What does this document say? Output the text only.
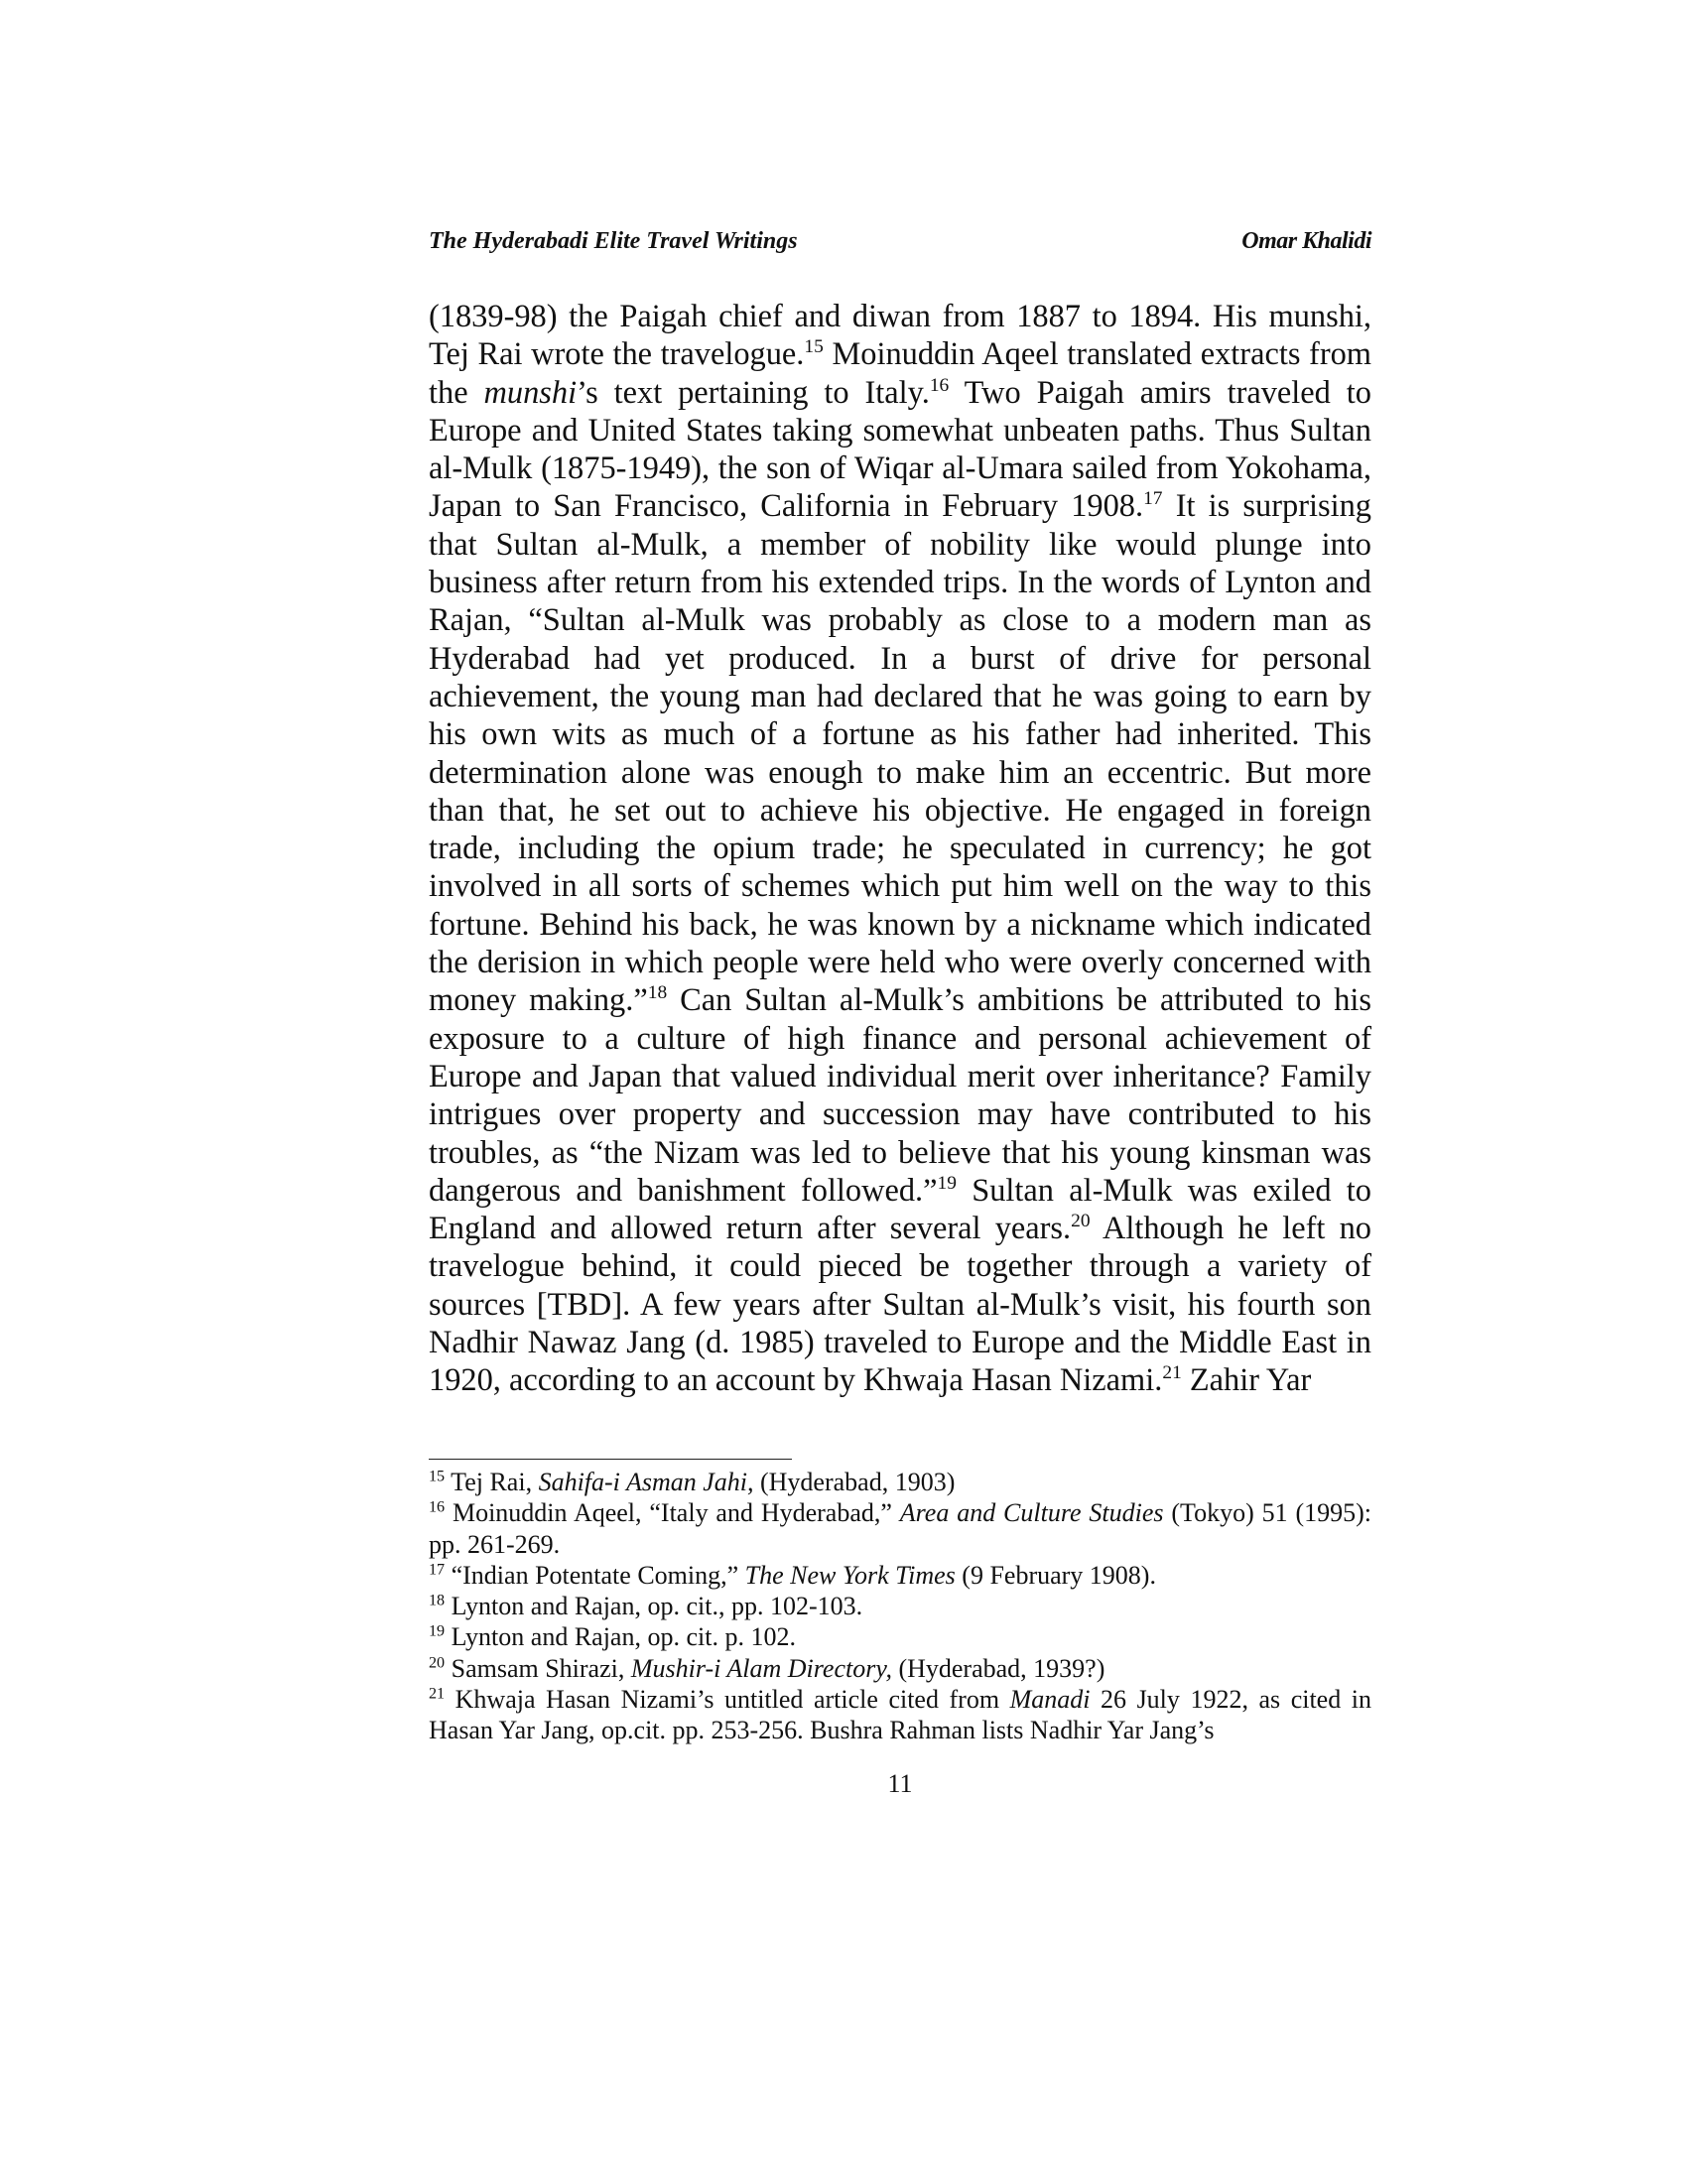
The Hyderabadi Elite Travel Writings	Omar Khalidi

(1839-98) the Paigah chief and diwan from 1887 to 1894. His munshi, Tej Rai wrote the travelogue.$^{15}$ Moinuddin Aqeel translated extracts from the munshi’s text pertaining to Italy.$^{16}$ Two Paigah amirs traveled to Europe and United States taking somewhat unbeaten paths. Thus Sultan al-Mulk (1875-1949), the son of Wiqar al-Umara sailed from Yokohama, Japan to San Francisco, California in February 1908.17 It is surprising that Sultan al-Mulk, a member of nobility like would plunge into business after return from his extended trips. In the words of Lynton and Rajan, “Sultan al-Mulk was probably as close to a modern man as Hyderabad had yet produced. In a burst of drive for personal achievement, the young man had declared that he was going to earn by his own wits as much of a fortune as his father had inherited. This determination alone was enough to make him an eccentric. But more than that, he set out to achieve his objective. He engaged in foreign trade, including the opium trade; he speculated in currency; he got involved in all sorts of schemes which put him well on the way to this fortune. Behind his back, he was known by a nickname which indicated the derision in which people were held who were overly concerned with money making.”$^{18}$ Can Sultan al-Mulk’s ambitions be attributed to his exposure to a culture of high finance and personal achievement of Europe and Japan that valued individual merit over inheritance? Family intrigues over property and succession may have contributed to his troubles, as “the Nizam was led to believe that his young kinsman was dangerous and banishment followed.”$^{19}$ Sultan al-Mulk was exiled to England and allowed return after several years.$^{20}$ Although he left no travelogue behind, it could pieced be together through a variety of sources [TBD]. A few years after Sultan al-Mulk’s visit, his fourth son Nadhir Nawaz Jang (d. 1985) traveled to Europe and the Middle East in 1920, according to an account by Khwaja Hasan Nizami.$^{21}$ Zahir Yar

$^{15}$ Tej Rai, Sahifa-i Asman Jahi, (Hyderabad, 1903)

$^{16}$ Moinuddin Aqeel, “Italy and Hyderabad,” Area and Culture Studies (Tokyo) 51 (1995): pp. 261-269.

$^{17}$ “Indian Potentate Coming,” The New York Times (9 February 1908).

$^{18}$ Lynton and Rajan, op. cit., pp. 102-103.

$^{19}$ Lynton and Rajan, op. cit. p. 102.

$^{20}$ Samsam Shirazi, Mushir-i Alam Directory, (Hyderabad, 1939?)

$^{21}$ Khwaja Hasan Nizami’s untitled article cited from Manadi 26 July 1922, as cited in Hasan Yar Jang, op.cit. pp. 253-256. Bushra Rahman lists Nadhir Yar Jang’s

11
